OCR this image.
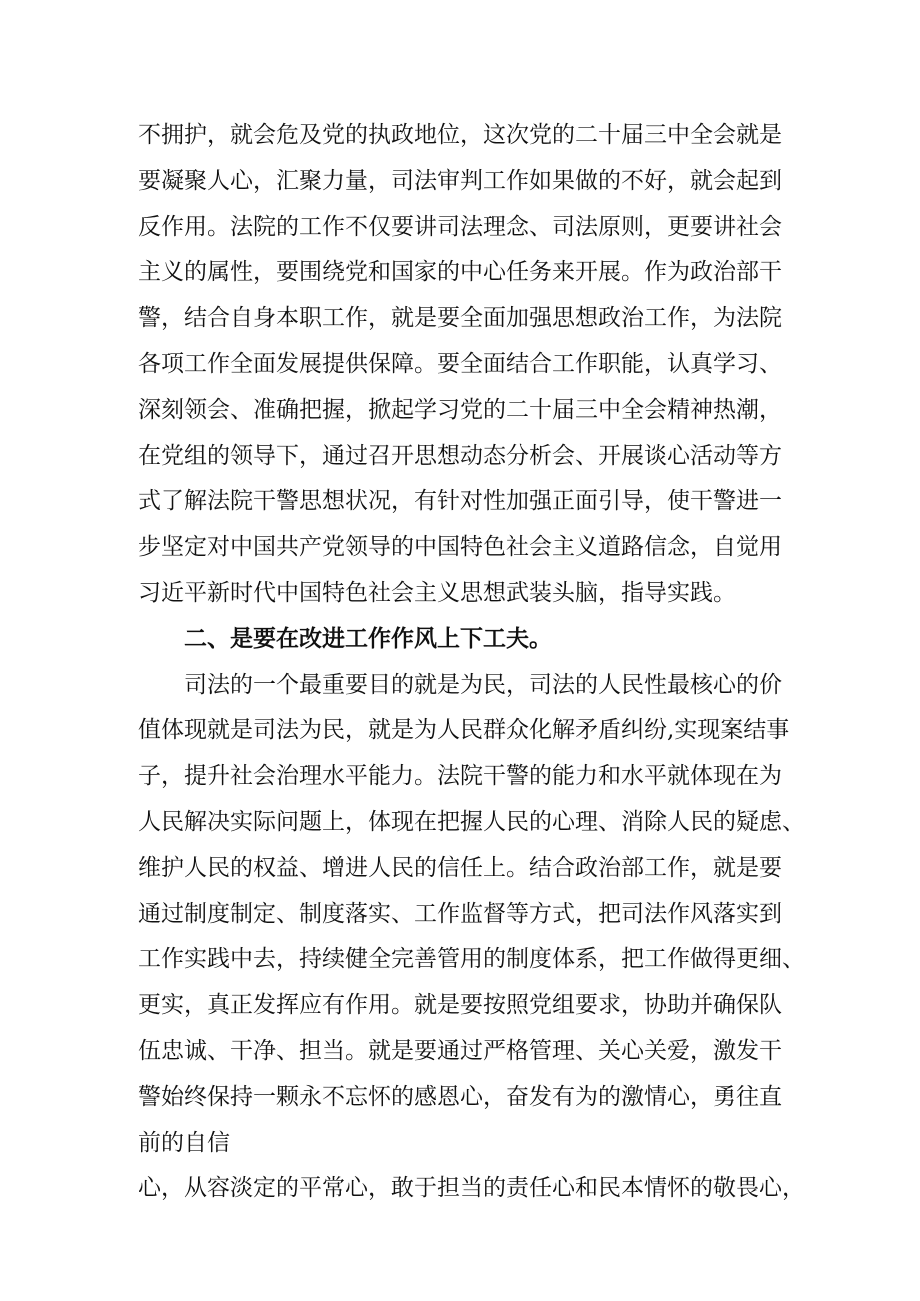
不拥护，就会危及党的执政地位，这次党的二十届三中全会就是
要凝聚人心，汇聚力量，司法审判工作如果做的不好，就会起到
反作用。法院的工作不仅要讲司法理念、司法原则，更要讲社会
主义的属性，要围绕党和国家的中心任务来开展。作为政治部干
警，结合自身本职工作，就是要全面加强思想政治工作，为法院
各项工作全面发展提供保障。要全面结合工作职能，认真学习、
深刻领会、准确把握，掀起学习党的二十届三中全会精神热潮，
在党组的领导下，通过召开思想动态分析会、开展谈心活动等方
式了解法院干警思想状况，有针对性加强正面引导，使干警进一
步坚定对中国共产党领导的中国特色社会主义道路信念，自觉用
习近平新时代中国特色社会主义思想武装头脑，指导实践。
二、是要在改进工作作风上下工夫。
司法的一个最重要目的就是为民，司法的人民性最核心的价
值体现就是司法为民，就是为人民群众化解矛盾纠纷,实现案结事
子，提升社会治理水平能力。法院干警的能力和水平就体现在为
人民解决实际问题上，体现在把握人民的心理、消除人民的疑虑、
维护人民的权益、增进人民的信任上。结合政治部工作，就是要
通过制度制定、制度落实、工作监督等方式，把司法作风落实到
工作实践中去，持续健全完善管用的制度体系，把工作做得更细、
更实，真正发挥应有作用。就是要按照党组要求，协助并确保队
伍忠诚、干净、担当。就是要通过严格管理、关心关爱，激发干
警始终保持一颗永不忘怀的感恩心，奋发有为的激情心，勇往直
前的自信
心，从容淡定的平常心，敢于担当的责任心和民本情怀的敬畏心，
